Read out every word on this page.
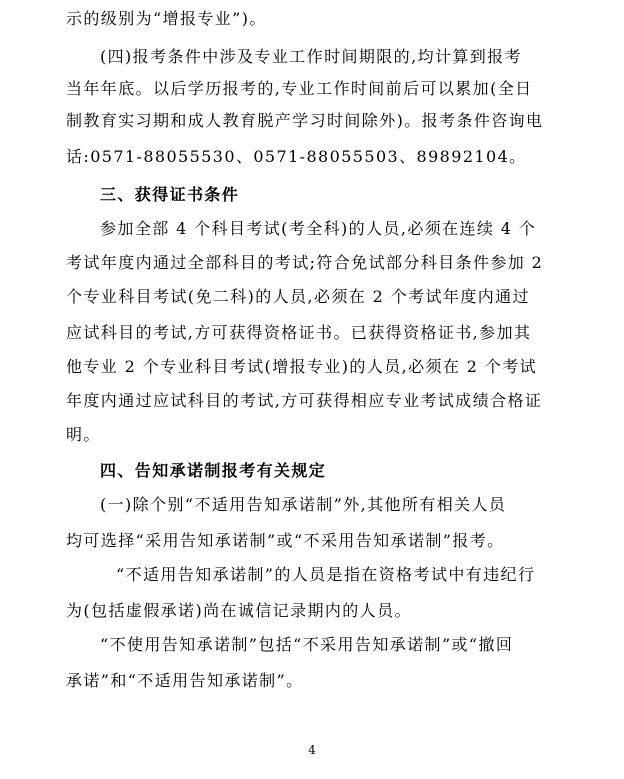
示的级别为“增报专业”)。
(四)报考条件中涉及专业工作时间期限的,均计算到报考
当年年底。以后学历报考的,专业工作时间前后可以累加(全日
制教育实习期和成人教育脱产学习时间除外)。报考条件咨询电
话:0571-88055530、0571-88055503、89892104。
三、获得证书条件
参加全部 4 个科目考试(考全科)的人员,必须在连续 4 个
考试年度内通过全部科目的考试;符合免试部分科目条件参加 2
个专业科目考试(免二科)的人员,必须在 2 个考试年度内通过
应试科目的考试,方可获得资格证书。已获得资格证书,参加其
他专业 2 个专业科目考试(增报专业)的人员,必须在 2 个考试
年度内通过应试科目的考试,方可获得相应专业考试成绩合格证
明。
四、告知承诺制报考有关规定
(一)除个别“不适用告知承诺制”外,其他所有相关人员
均可选择“采用告知承诺制”或“不采用告知承诺制”报考。
“不适用告知承诺制”的人员是指在资格考试中有违纪行
为(包括虚假承诺)尚在诚信记录期内的人员。
“不使用告知承诺制”包括“不采用告知承诺制”或“撤回
承诺”和“不适用告知承诺制”。
4
